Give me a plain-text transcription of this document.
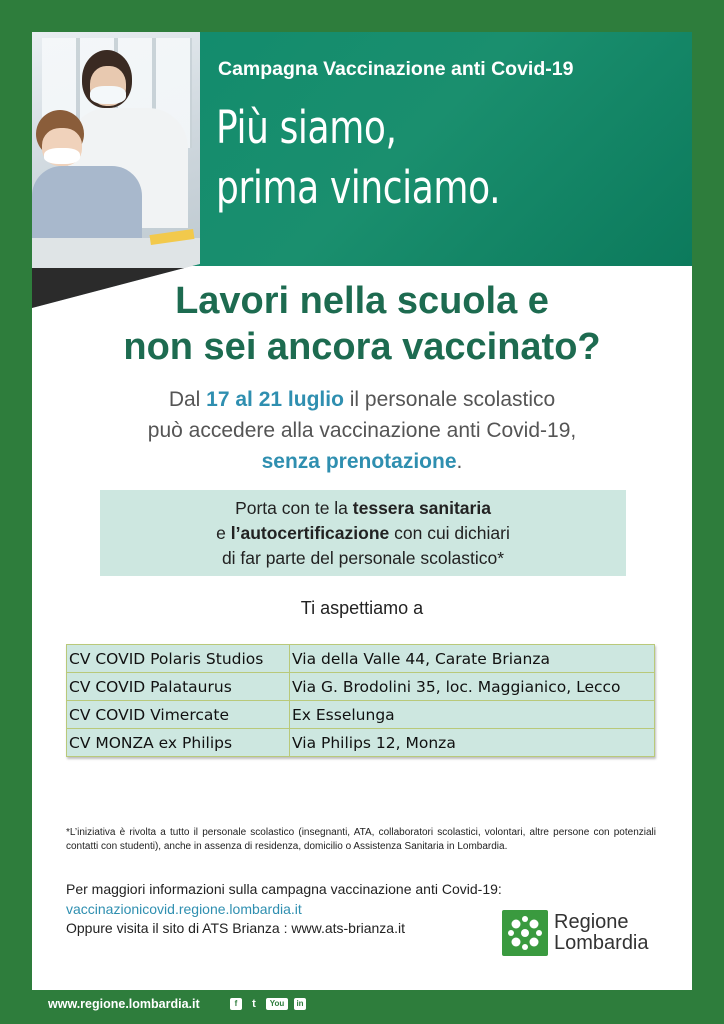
Campagna Vaccinazione anti Covid-19
Più siamo,
prima vinciamo.
Lavori nella scuola e
non sei ancora vaccinato?
Dal 17 al 21 luglio il personale scolastico
può accedere alla vaccinazione anti Covid-19,
senza prenotazione.
Porta con te la tessera sanitaria
e l’autocertificazione con cui dichiari
di far parte del personale scolastico*
Ti aspettiamo a
CV COVID Polaris Studios	Via della Valle 44, Carate Brianza
CV COVID Palataurus	Via G. Brodolini 35, loc. Maggianico, Lecco
CV COVID Vimercate	Ex Esselunga
CV MONZA ex Philips	Via Philips 12, Monza
*L’iniziativa è rivolta a tutto il personale scolastico (insegnanti, ATA, collaboratori scolastici, volontari, altre persone con potenziali contatti con studenti), anche in assenza di residenza, domicilio o Assistenza Sanitaria in Lombardia.
Per maggiori informazioni sulla campagna vaccinazione anti Covid-19:
vaccinazionicovid.regione.lombardia.it
Oppure visita il sito di ATS Brianza : www.ats-brianza.it	Regione
Lombardia
www.regione.lombardia.it	f	t	You	in
